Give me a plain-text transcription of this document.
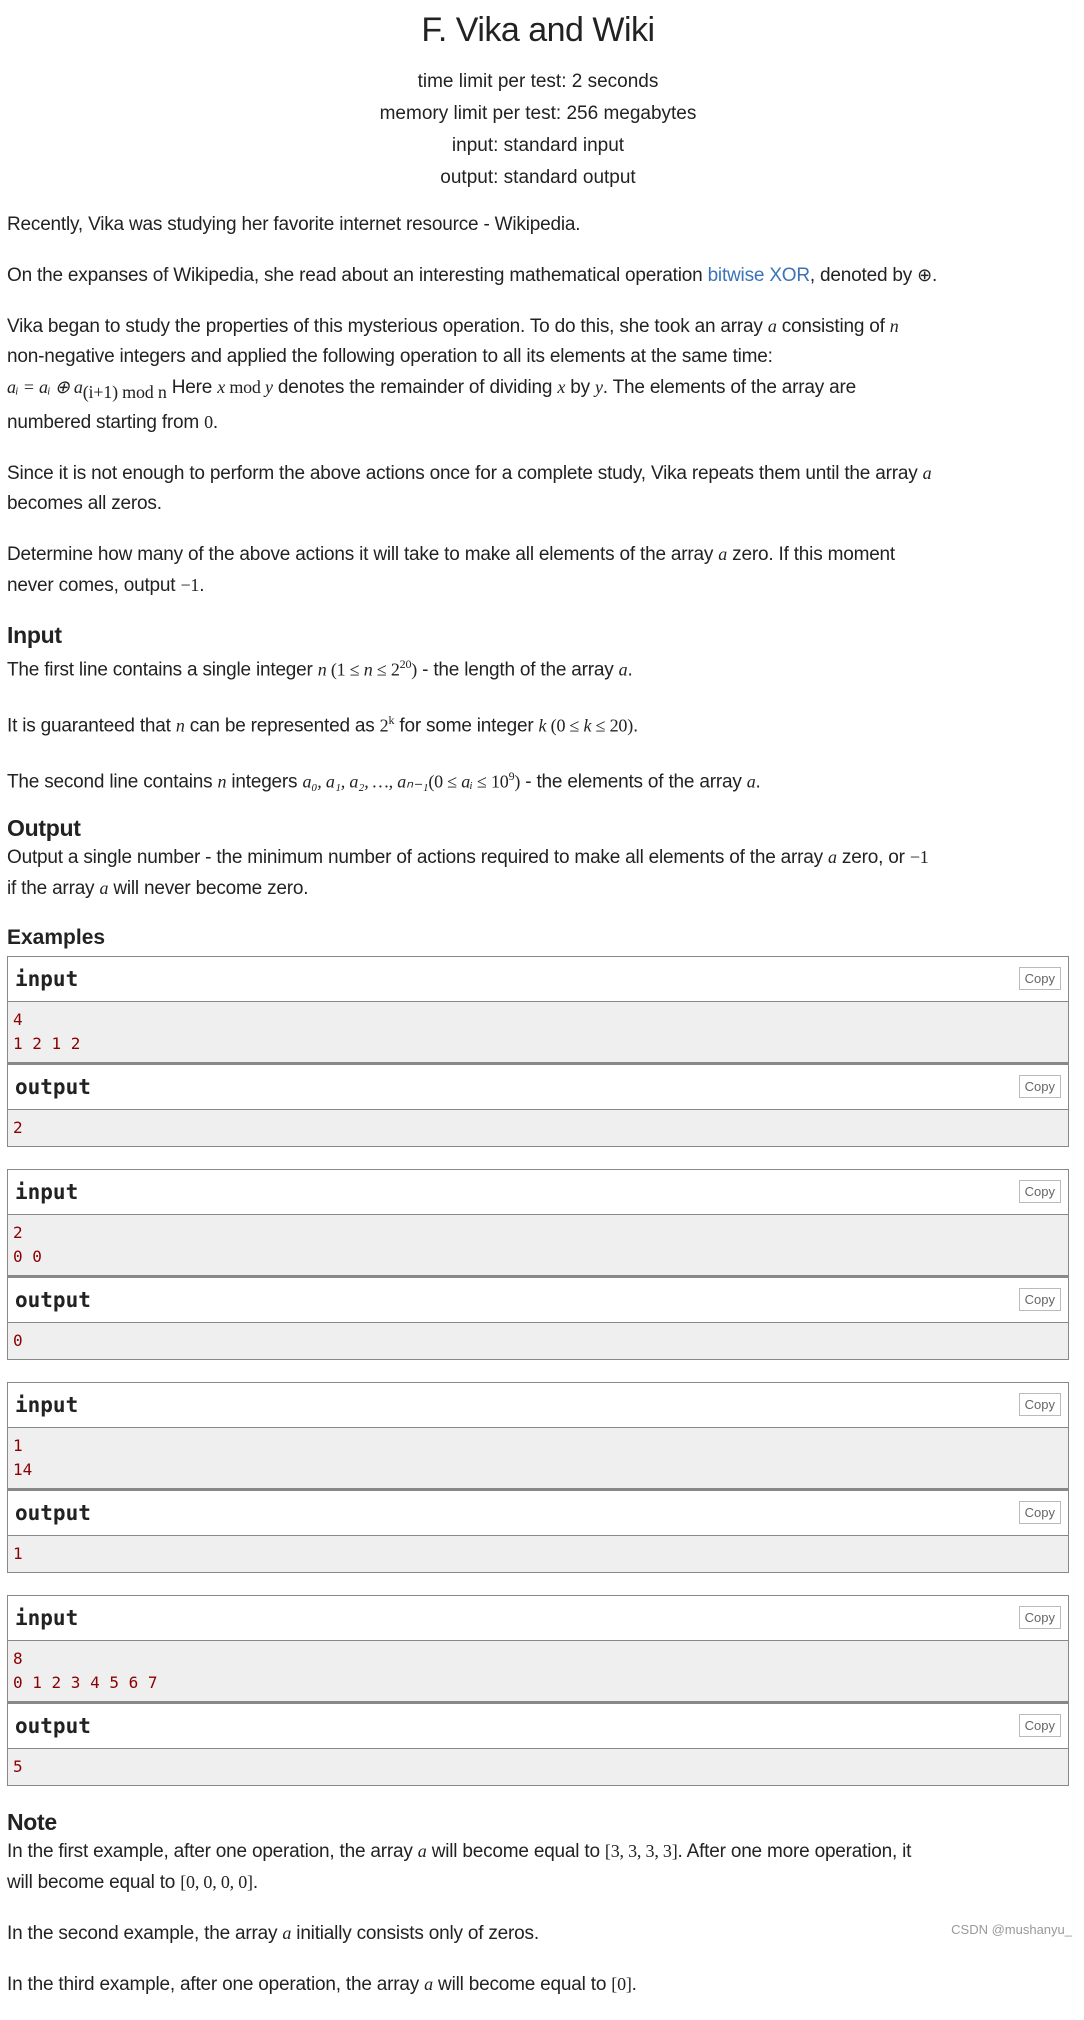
F. Vika and Wiki
time limit per test: 2 seconds
memory limit per test: 256 megabytes
input: standard input
output: standard output
Recently, Vika was studying her favorite internet resource - Wikipedia.
On the expanses of Wikipedia, she read about an interesting mathematical operation bitwise XOR, denoted by ⊕.
Vika began to study the properties of this mysterious operation. To do this, she took an array a consisting of n
non-negative integers and applied the following operation to all its elements at the same time:
aᵢ = aᵢ ⊕ $a_{(i+1) mod n}$ Here x mod y denotes the remainder of dividing x by y. The elements of the array are
numbered starting from 0.
Since it is not enough to perform the above actions once for a complete study, Vika repeats them until the array a
becomes all zeros.
Determine how many of the above actions it will take to make all elements of the array a zero. If this moment
never comes, output −1.
Input
The first line contains a single integer n $(1 \le n \le 2^{20})$ - the length of the array a.
It is guaranteed that n can be represented as 2$^k$ for some integer k (0 ≤ k ≤ 20).
The second line contains n integers a₀, a₁, a₂, …, aₙ₋₁(0 ≤ aᵢ ≤ $10^9$) - the elements of the array a.
Output
Output a single number - the minimum number of actions required to make all elements of the array a zero, or −1
if the array a will never become zero.
Examples
input	Copy
4
1 2 1 2
output	Copy
2
input	Copy
2
0 0
output	Copy
0
input	Copy
1
14
output	Copy
1
input	Copy
8
0 1 2 3 4 5 6 7
output	Copy
5
Note
In the first example, after one operation, the array a will become equal to [3, 3, 3, 3]. After one more operation, it
will become equal to [0, 0, 0, 0].
In the second example, the array a initially consists only of zeros.
In the third example, after one operation, the array a will become equal to [0].
CSDN @mushanyu_
